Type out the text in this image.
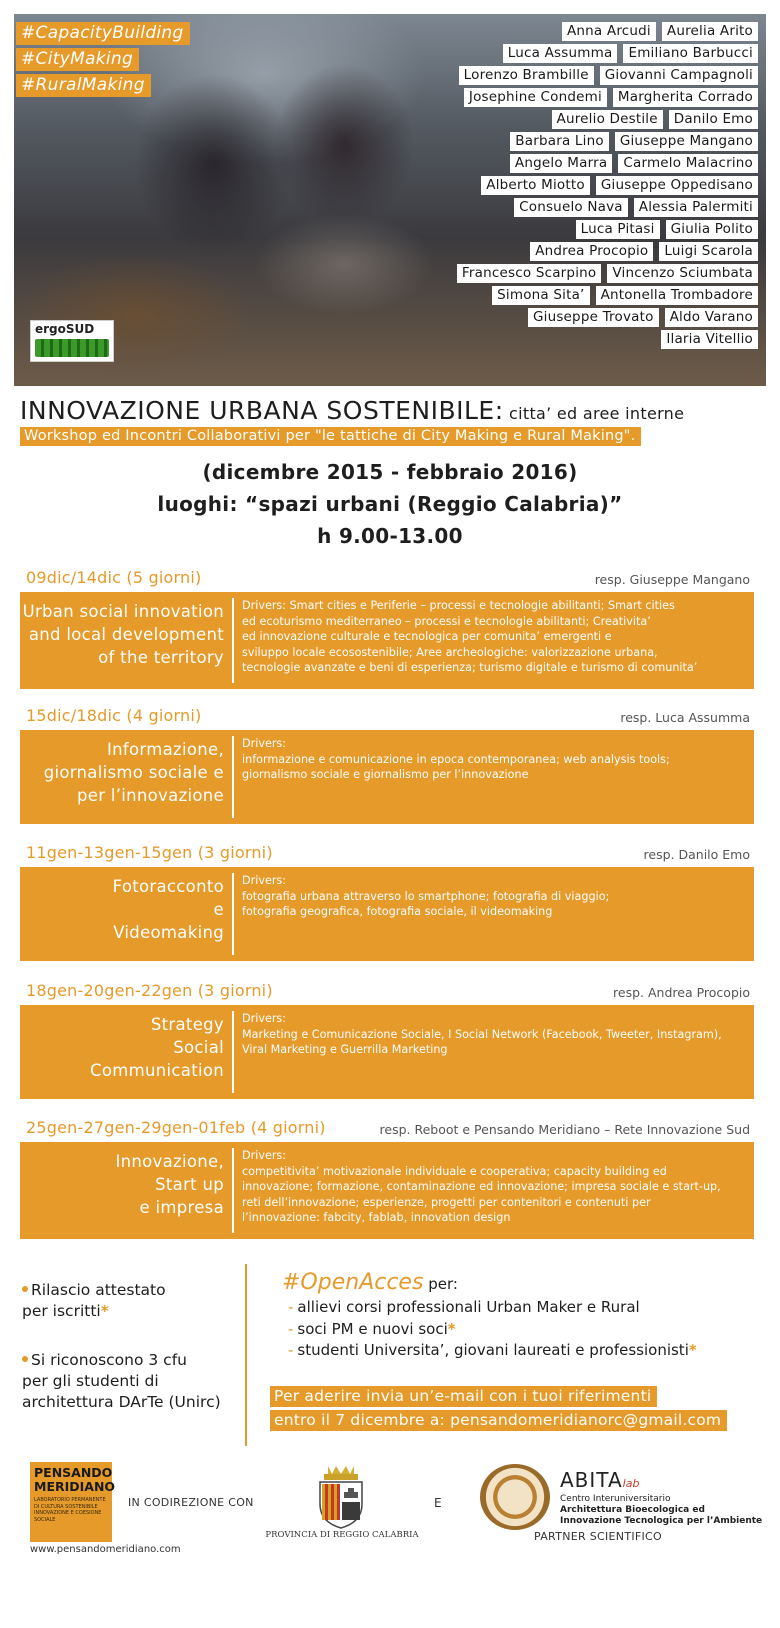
#CapacityBuilding
#CityMaking
#RuralMaking
Anna Arcudi	Aurelia Arito
Luca Assumma	Emiliano Barbucci
Lorenzo Brambille	Giovanni Campagnoli
Josephine Condemi	Margherita Corrado
Aurelio Destile	Danilo Emo
Barbara Lino	Giuseppe Mangano
Angelo Marra	Carmelo Malacrino
Alberto Miotto	Giuseppe Oppedisano
Consuelo Nava	Alessia Palermiti
Luca Pitasi	Giulia Polito
Andrea Procopio	Luigi Scarola
Francesco Scarpino	Vincenzo Sciumbata
Simona Sita’	Antonella Trombadore
Giuseppe Trovato	Aldo Varano
Ilaria Vitellio
ergoSUD
INNOVAZIONE URBANA SOSTENIBILE: citta’ ed aree interne
Workshop ed Incontri Collaborativi per "le tattiche di City Making e Rural Making".
(dicembre 2015 - febbraio 2016)
luoghi: “spazi urbani (Reggio Calabria)”
h 9.00-13.00
09dic/14dic (5 giorni)	resp. Giuseppe Mangano
Urban social innovation
and local development
of the territory
Drivers: Smart cities e Periferie – processi e tecnologie abilitanti; Smart cities
ed ecoturismo mediterraneo – processi e tecnologie abilitanti; Creativita’
ed innovazione culturale e tecnologica per comunita’ emergenti e
sviluppo locale ecosostenibile; Aree archeologiche: valorizzazione urbana,
tecnologie avanzate e beni di esperienza; turismo digitale e turismo di comunita’
15dic/18dic (4 giorni)	resp. Luca Assumma
Informazione,
giornalismo sociale e
per l’innovazione
Drivers:
informazione e comunicazione in epoca contemporanea; web analysis tools;
giornalismo sociale e giornalismo per l’innovazione
11gen-13gen-15gen (3 giorni)	resp. Danilo Emo
Fotoracconto
e
Videomaking
Drivers:
fotografia urbana attraverso lo smartphone; fotografia di viaggio;
fotografia geografica, fotografia sociale, il videomaking
18gen-20gen-22gen (3 giorni)	resp. Andrea Procopio
Strategy
Social
Communication
Drivers:
Marketing e Comunicazione Sociale, I Social Network (Facebook, Tweeter, Instagram),
Viral Marketing e Guerrilla Marketing
25gen-27gen-29gen-01feb (4 giorni)	resp. Reboot e Pensando Meridiano – Rete Innovazione Sud
Innovazione,
Start up
e impresa
Drivers:
competitivita’ motivazionale individuale e cooperativa; capacity building ed
innovazione; formazione, contaminazione ed innovazione; impresa sociale e start-up,
reti dell’innovazione; esperienze, progetti per contenitori e contenuti per
l’innovazione: fabcity, fablab, innovation design
Rilascio attestato
per iscritti*
Si riconoscono 3 cfu
per gli studenti di
architettura DArTe (Unirc)
#OpenAcces per:
- allievi corsi professionali Urban Maker e Rural
- soci PM e nuovi soci*
- studenti Universita’, giovani laureati e professionisti*
Per aderire invia un’e-mail con i tuoi riferimenti
entro il 7 dicembre a: pensandomeridianorc@gmail.com
PENSANDO MERIDIANO
LABORATORIO PERMANENTE DI CULTURA SOSTENIBILE INNOVAZIONE E COESIONE SOCIALE
www.pensandomeridiano.com
IN CODIREZIONE CON
PROVINCIA DI REGGIO CALABRIA
E
ABITAlab
Centro Interuniversitario
Architettura Bioecologica ed
Innovazione Tecnologica per l’Ambiente
PARTNER SCIENTIFICO
